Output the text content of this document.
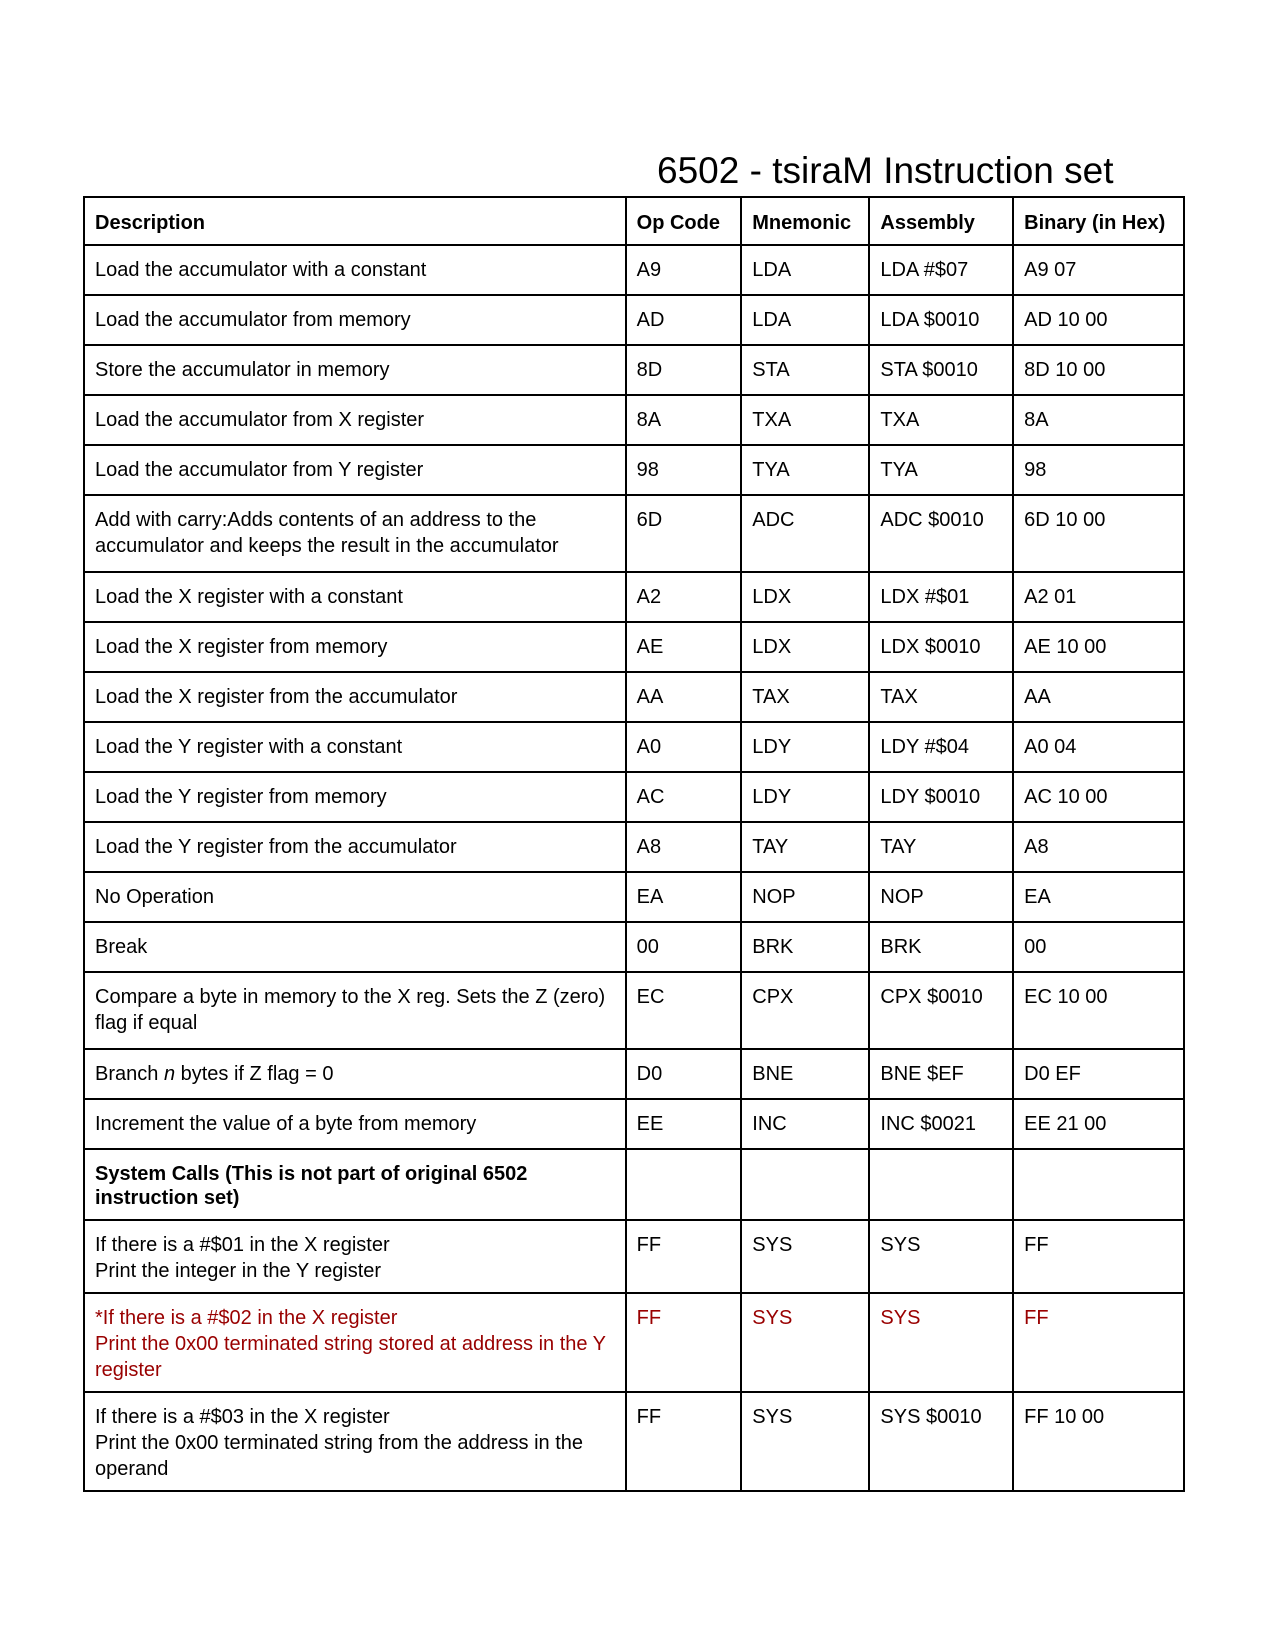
6502 - tsiraM Instruction set
Description	Op Code	Mnemonic	Assembly	Binary (in Hex)
Load the accumulator with a constant	A9	LDA	LDA #$07	A9 07
Load the accumulator from memory	AD	LDA	LDA $0010	AD 10 00
Store the accumulator in memory	8D	STA	STA $0010	8D 10 00
Load the accumulator from X register	8A	TXA	TXA	8A
Load the accumulator from Y register	98	TYA	TYA	98
Add with carry:Adds contents of an address to the accumulator and keeps the result in the accumulator	6D	ADC	ADC $0010	6D 10 00
Load the X register with a constant	A2	LDX	LDX #$01	A2 01
Load the X register from memory	AE	LDX	LDX $0010	AE 10 00
Load the X register from the accumulator	AA	TAX	TAX	AA
Load the Y register with a constant	A0	LDY	LDY #$04	A0 04
Load the Y register from memory	AC	LDY	LDY $0010	AC 10 00
Load the Y register from the accumulator	A8	TAY	TAY	A8
No Operation	EA	NOP	NOP	EA
Break	00	BRK	BRK	00
Compare a byte in memory to the X reg. Sets the Z (zero) flag if equal	EC	CPX	CPX $0010	EC 10 00
Branch n bytes if Z flag = 0	D0	BNE	BNE $EF	D0 EF
Increment the value of a byte from memory	EE	INC	INC $0021	EE 21 00
System Calls (This is not part of original 6502 instruction set)				
If there is a #$01 in the X register
Print the integer in the Y register	FF	SYS	SYS	FF
*If there is a #$02 in the X register
Print the 0x00 terminated string stored at address in the Y register	FF	SYS	SYS	FF
If there is a #$03 in the X register
Print the 0x00 terminated string from the address in the operand	FF	SYS	SYS $0010	FF 10 00
